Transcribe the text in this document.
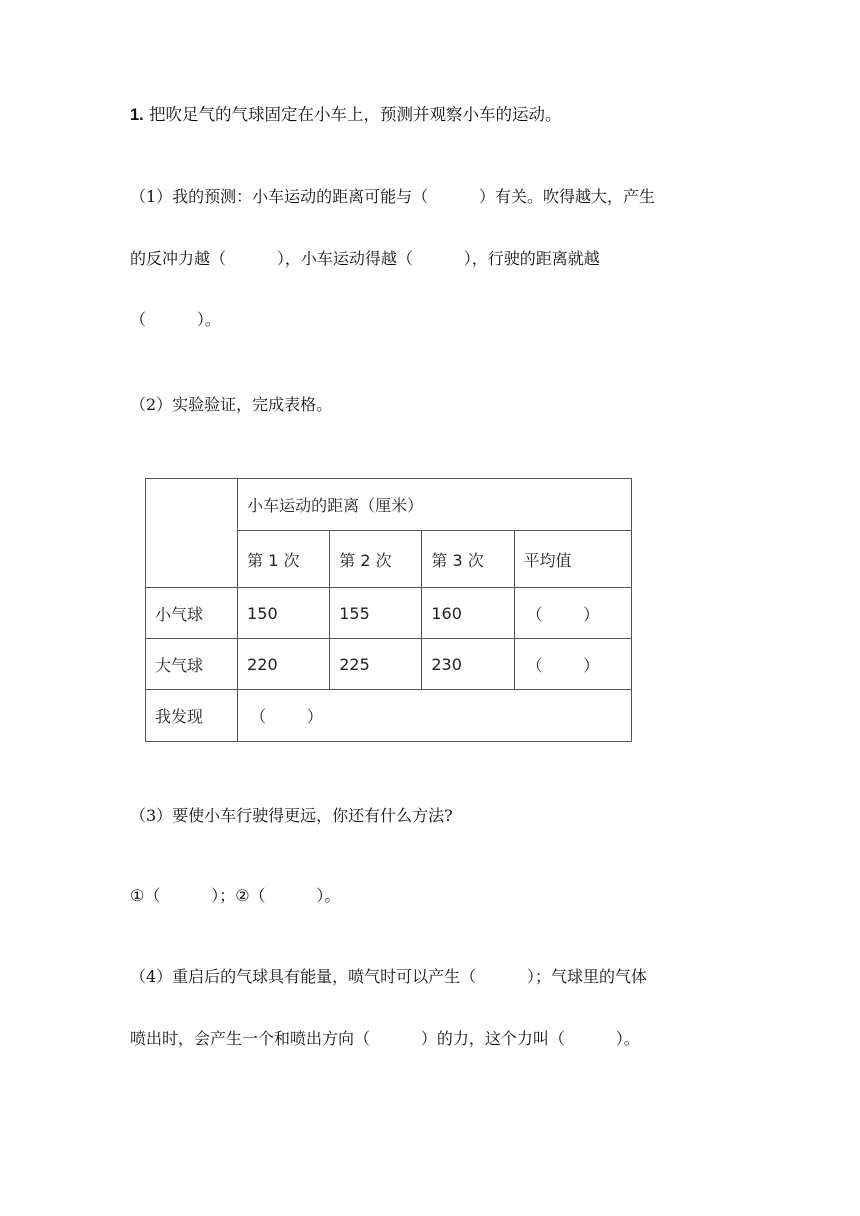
1. 把吹足气的气球固定在小车上，预测并观察小车的运动。
（1）我的预测：小车运动的距离可能与（          ）有关。吹得越大，产生
的反冲力越（          ），小车运动得越（          ），行驶的距离就越
（          ）。
（2）实验验证，完成表格。
	小车运动的距离（厘米）			
	第 1 次	第 2 次	第 3 次	平均值
小气球	150	155	160	（        ）
大气球	220	225	230	（        ）
我发现	（        ）			
（3）要使小车行驶得更远，你还有什么方法?
①（          ）；②（          ）。
（4）重启后的气球具有能量，喷气时可以产生（          ）；气球里的气体
喷出时，会产生一个和喷出方向（          ）的力，这个力叫（          ）。
